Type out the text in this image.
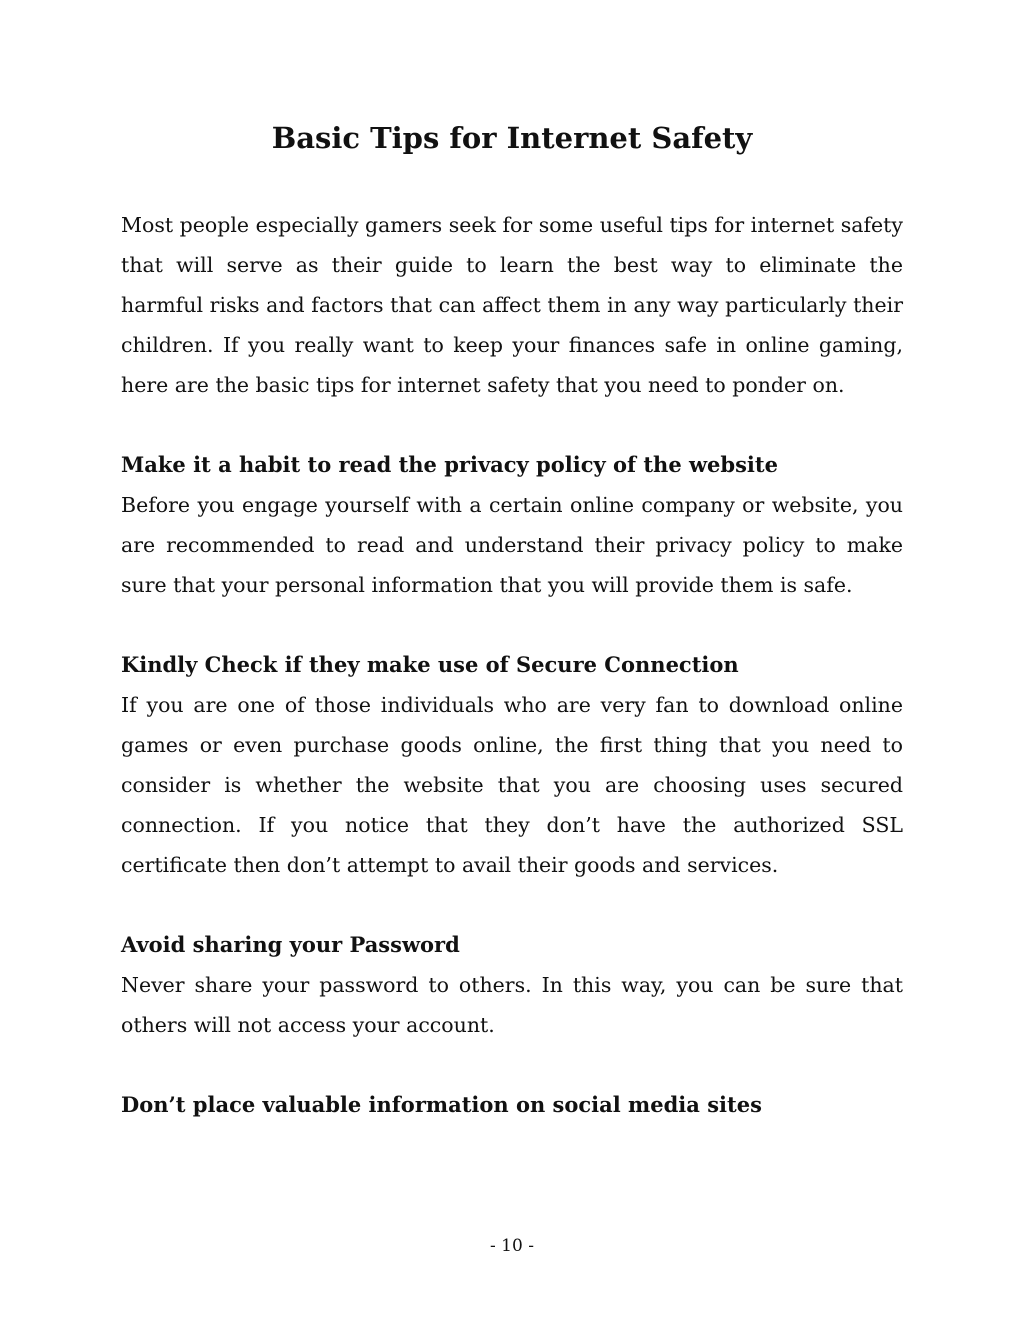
Basic Tips for Internet Safety

Most people especially gamers seek for some useful tips for internet safety that will serve as their guide to learn the best way to eliminate the harmful risks and factors that can affect them in any way particularly their children. If you really want to keep your finances safe in online gaming, here are the basic tips for internet safety that you need to ponder on.

Make it a habit to read the privacy policy of the website

Before you engage yourself with a certain online company or website, you are recommended to read and understand their privacy policy to make sure that your personal information that you will provide them is safe.

Kindly Check if they make use of Secure Connection

If you are one of those individuals who are very fan to download online games or even purchase goods online, the first thing that you need to consider is whether the website that you are choosing uses secured connection. If you notice that they don’t have the authorized SSL certificate then don’t attempt to avail their goods and services.

Avoid sharing your Password

Never share your password to others. In this way, you can be sure that others will not access your account.

Don’t place valuable information on social media sites
- 10 -
